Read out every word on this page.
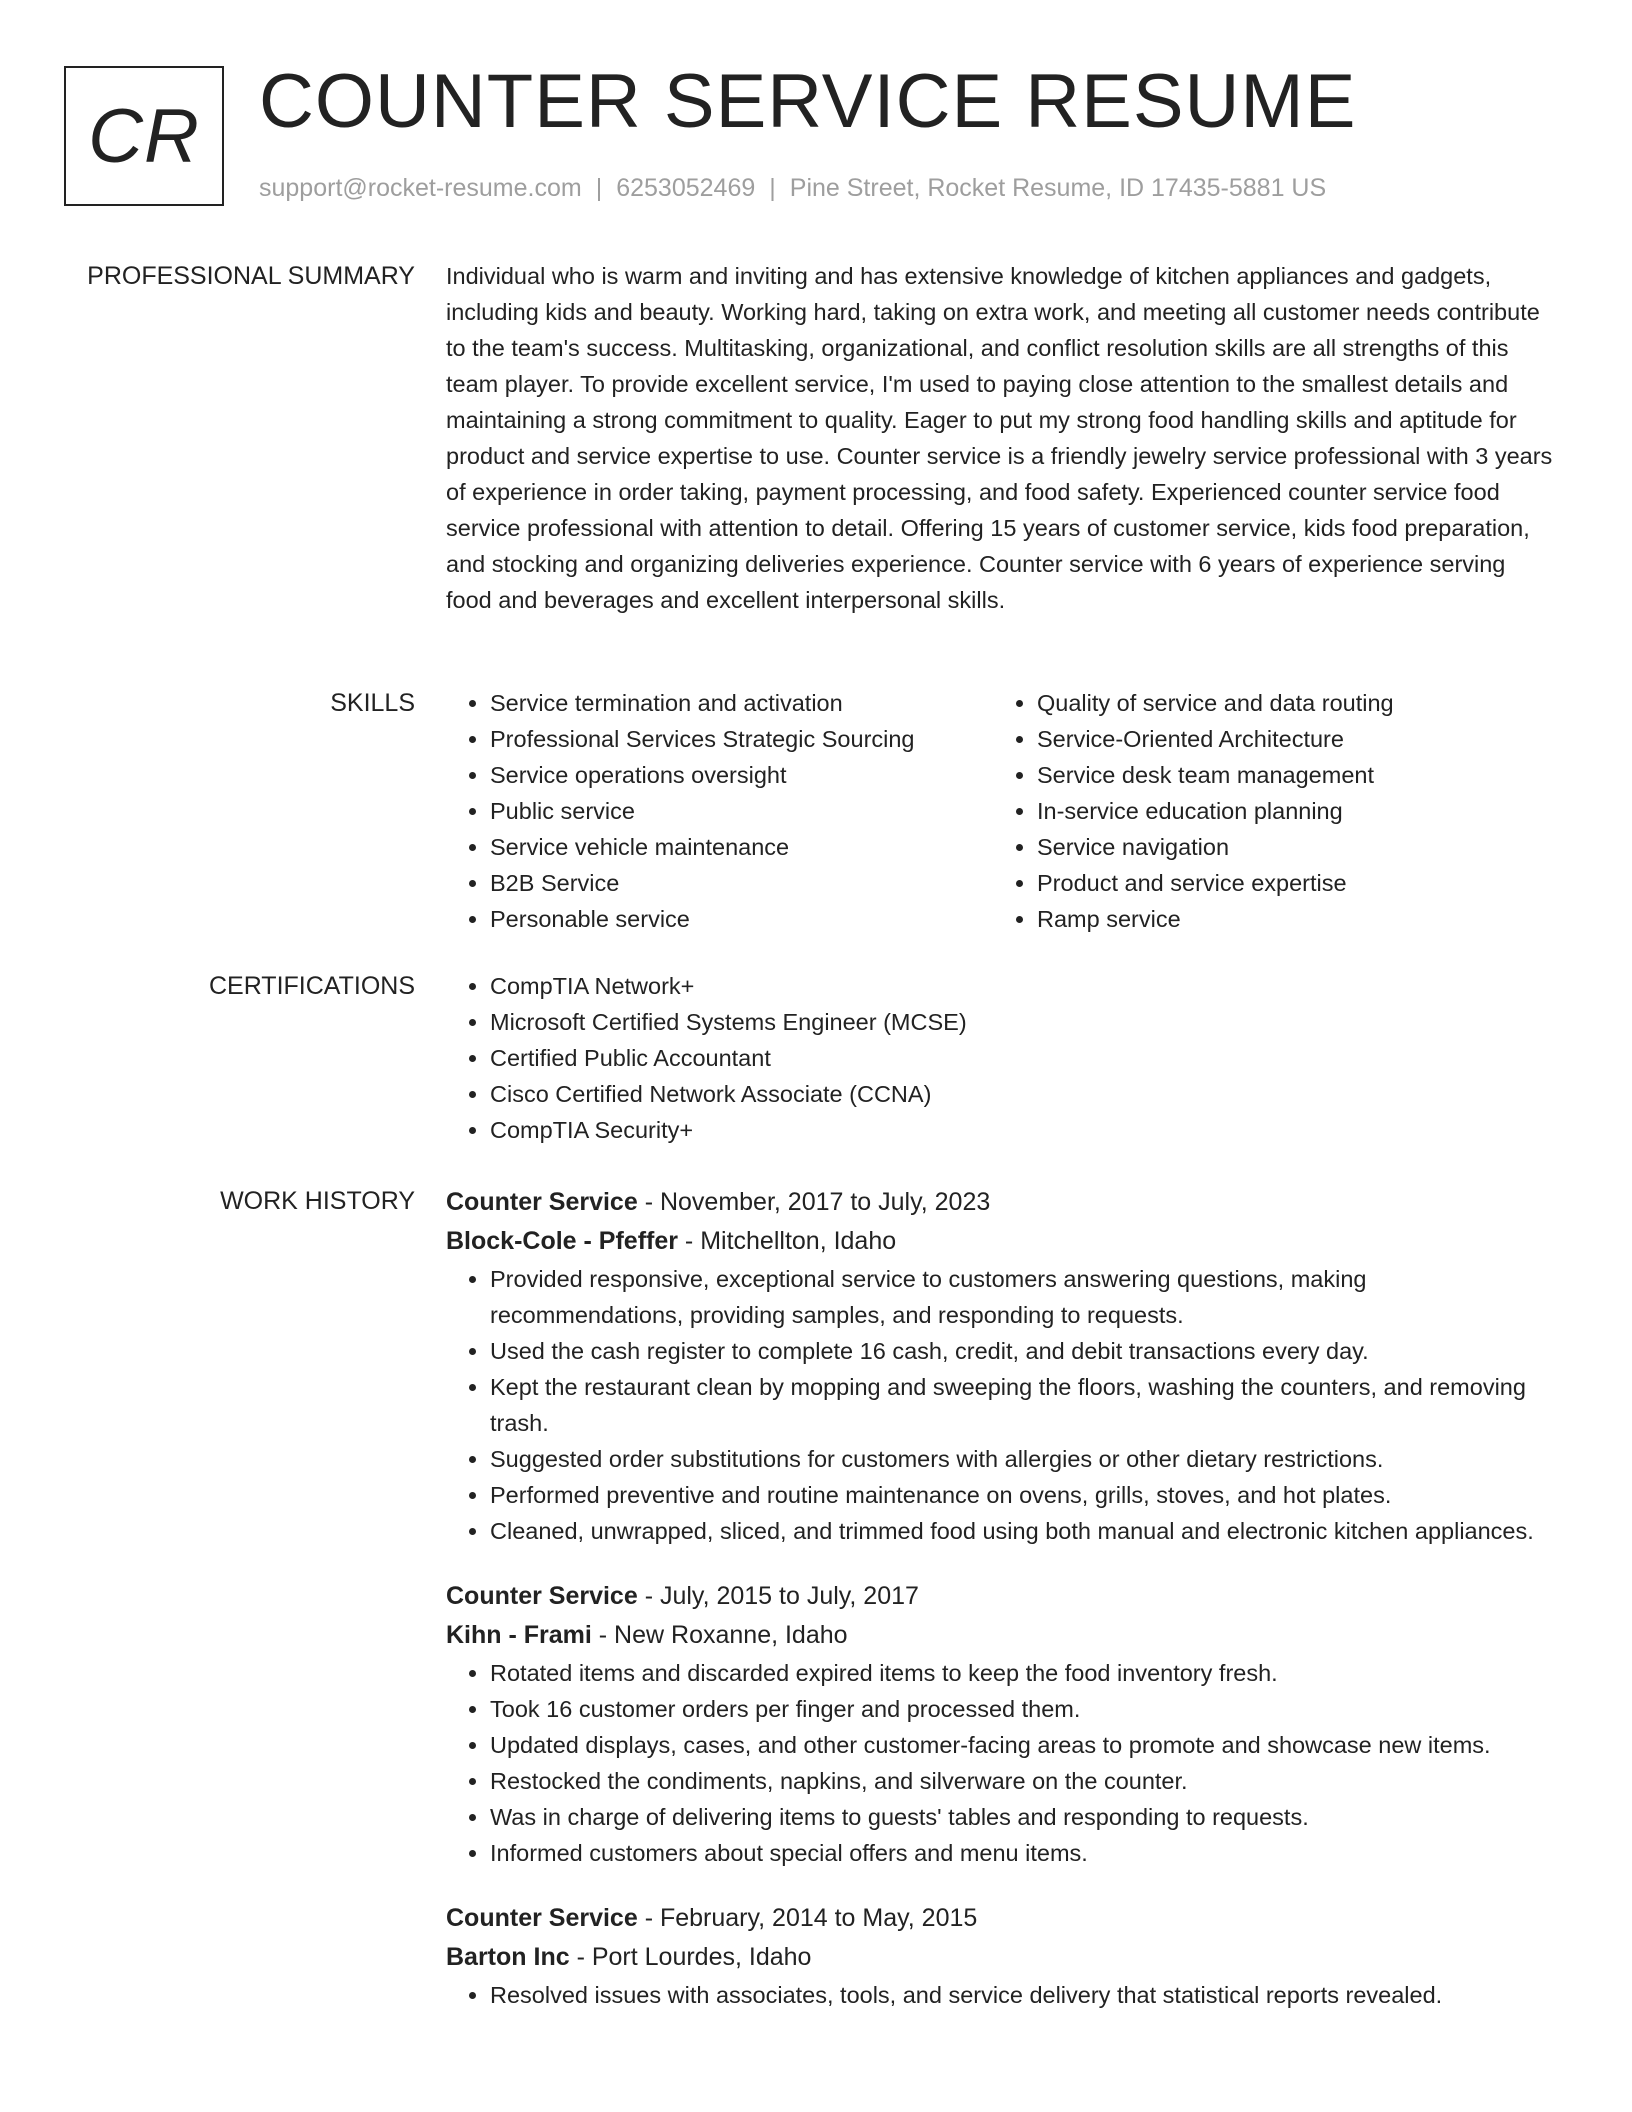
CR COUNTER SERVICE RESUME
support@rocket-resume.com | 6253052469 | Pine Street, Rocket Resume, ID 17435-5881 US
PROFESSIONAL SUMMARY Individual who is warm and inviting and has extensive knowledge of kitchen appliances and gadgets, including kids and beauty. Working hard, taking on extra work, and meeting all customer needs contribute to the team's success. Multitasking, organizational, and conflict resolution skills are all strengths of this team player. To provide excellent service, I'm used to paying close attention to the smallest details and maintaining a strong commitment to quality. Eager to put my strong food handling skills and aptitude for product and service expertise to use. Counter service is a friendly jewelry service professional with 3 years of experience in order taking, payment processing, and food safety. Experienced counter service food service professional with attention to detail. Offering 15 years of customer service, kids food preparation, and stocking and organizing deliveries experience. Counter service with 6 years of experience serving food and beverages and excellent interpersonal skills.

SKILLS	• Service termination and activation
• Professional Services Strategic Sourcing
• Service operations oversight
• Public service
• Service vehicle maintenance
• B2B Service
• Personable service
• Quality of service and data routing
• Service-Oriented Architecture
• Service desk team management
• In-service education planning
• Service navigation
• Product and service expertise
• Ramp service
CERTIFICATIONS	• CompTIA Network+
• Microsoft Certified Systems Engineer (MCSE)
• Certified Public Accountant
• Cisco Certified Network Associate (CCNA)
• CompTIA Security+
WORK HISTORY Counter Service - November, 2017 to July, 2023
Block-Cole - Pfeffer - Mitchellton, Idaho
• Provided responsive, exceptional service to customers answering questions, making recommendations, providing samples, and responding to requests.
• Used the cash register to complete 16 cash, credit, and debit transactions every day.
• Kept the restaurant clean by mopping and sweeping the floors, washing the counters, and removing trash.
• Suggested order substitutions for customers with allergies or other dietary restrictions.
• Performed preventive and routine maintenance on ovens, grills, stoves, and hot plates.
• Cleaned, unwrapped, sliced, and trimmed food using both manual and electronic kitchen appliances.
Counter Service - July, 2015 to July, 2017
Kihn - Frami - New Roxanne, Idaho
• Rotated items and discarded expired items to keep the food inventory fresh.
• Took 16 customer orders per finger and processed them.
• Updated displays, cases, and other customer-facing areas to promote and showcase new items.
• Restocked the condiments, napkins, and silverware on the counter.
• Was in charge of delivering items to guests' tables and responding to requests.
• Informed customers about special offers and menu items.
Counter Service - February, 2014 to May, 2015
Barton Inc - Port Lourdes, Idaho
• Resolved issues with associates, tools, and service delivery that statistical reports revealed.
